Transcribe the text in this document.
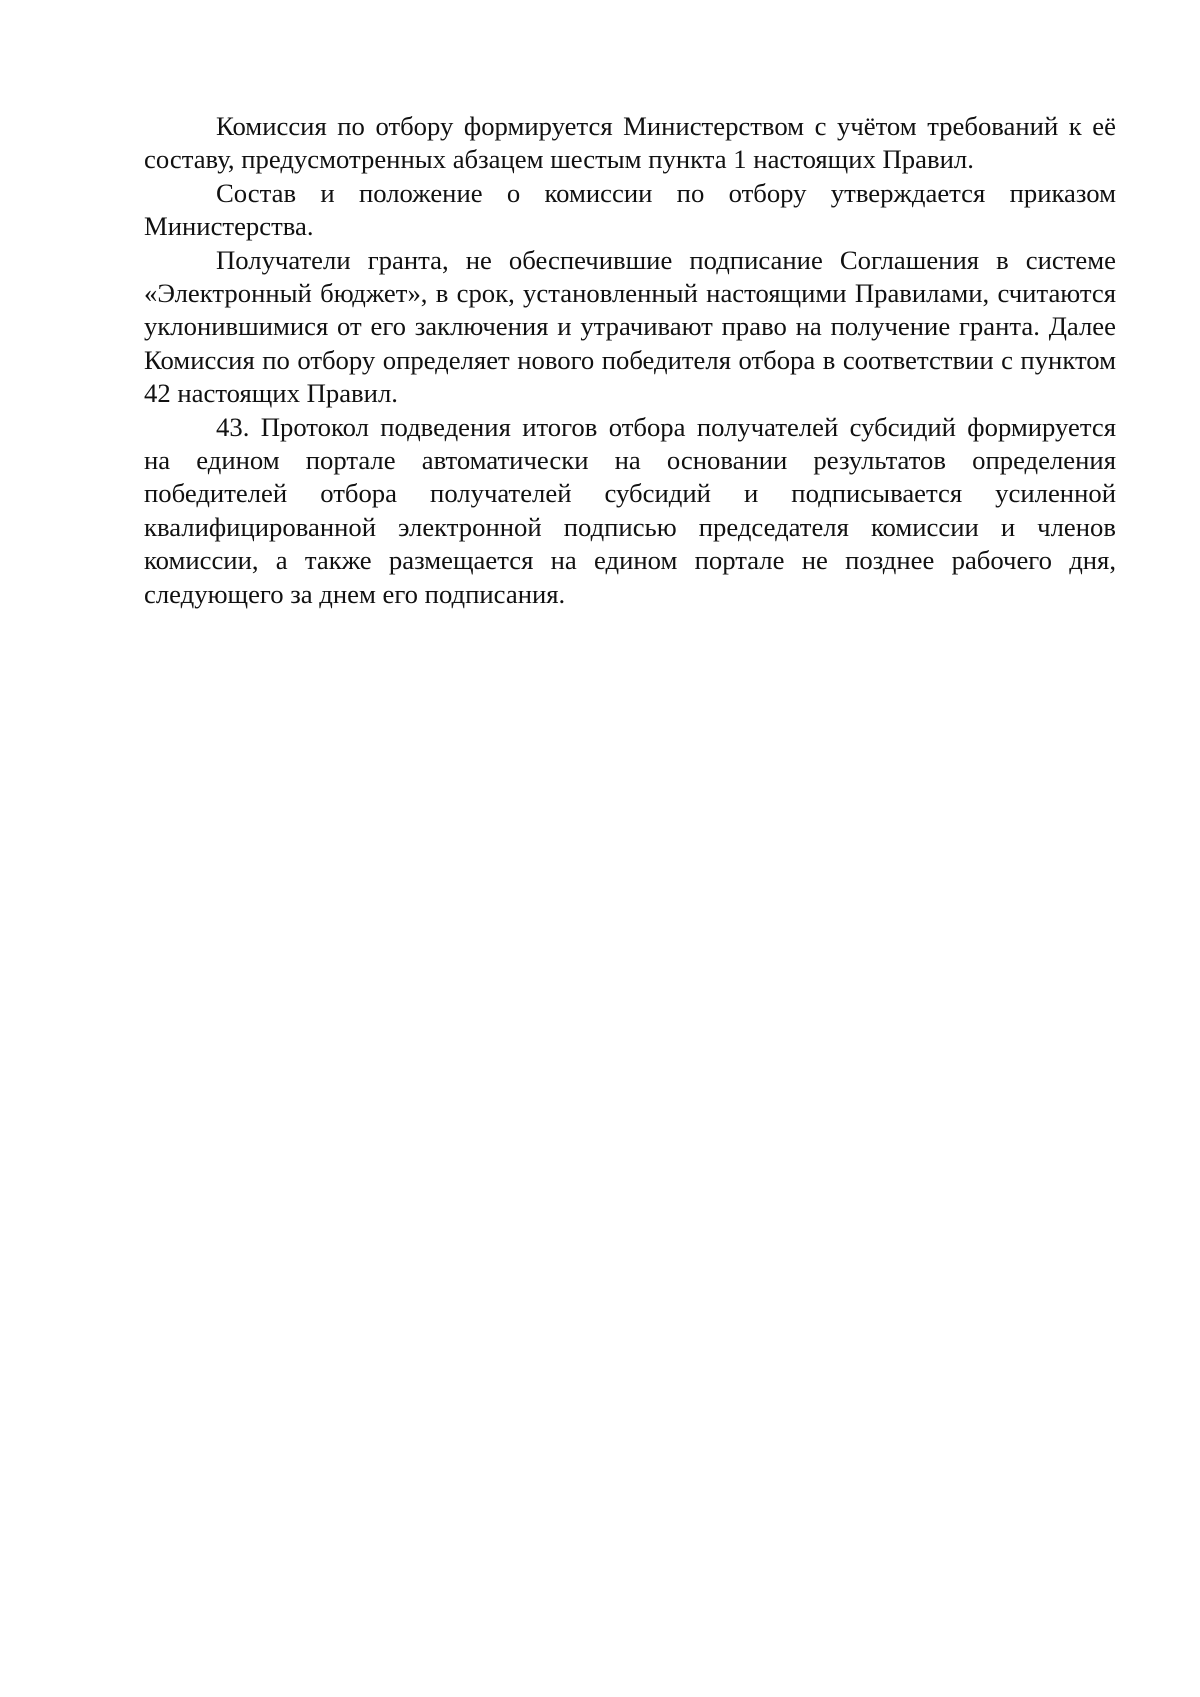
Комиссия по отбору формируется Министерством с учётом требований к её составу, предусмотренных абзацем шестым пункта 1 настоящих Правил.

Состав и положение о комиссии по отбору утверждается приказом Министерства.

Получатели гранта, не обеспечившие подписание Соглашения в системе «Электронный бюджет», в срок, установленный настоящими Правилами, считаются уклонившимися от его заключения и утрачивают право на получение гранта. Далее Комиссия по отбору определяет нового победителя отбора в соответствии с пунктом 42 настоящих Правил.

43. Протокол подведения итогов отбора получателей субсидий формируется на едином портале автоматически на основании результатов определения победителей отбора получателей субсидий и подписывается усиленной квалифицированной электронной подписью председателя комиссии и членов комиссии, а также размещается на едином портале не позднее рабочего дня, следующего за днем его подписания.
